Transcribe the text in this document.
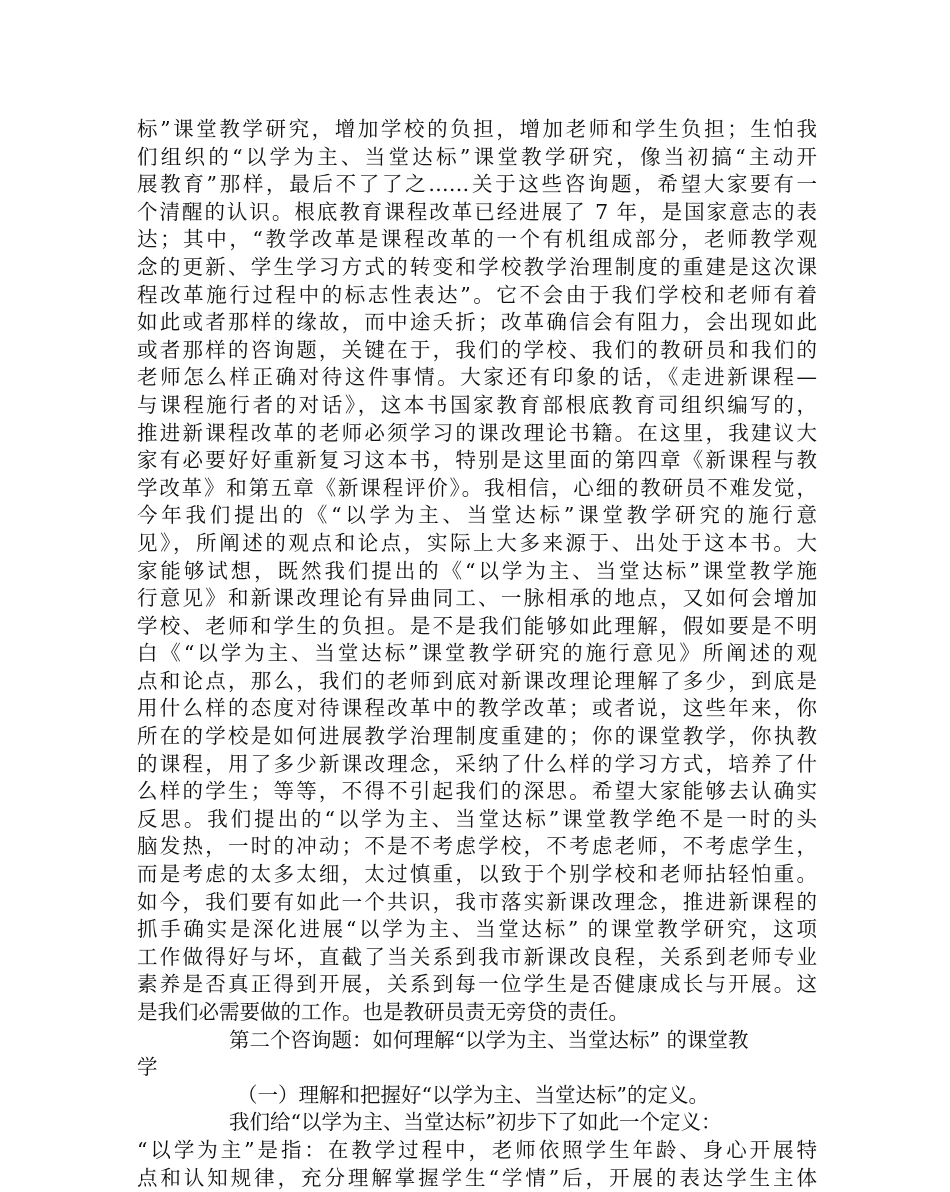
标”课堂教学研究，增加学校的负担，增加老师和学生负担；生怕我
们组织的“以学为主、当堂达标”课堂教学研究，像当初搞“主动开
展教育”那样，最后不了了之……关于这些咨询题，希望大家要有一
个清醒的认识。根底教育课程改革已经进展了 7 年，是国家意志的表
达；其中，“教学改革是课程改革的一个有机组成部分，老师教学观
念的更新、学生学习方式的转变和学校教学治理制度的重建是这次课
程改革施行过程中的标志性表达”。它不会由于我们学校和老师有着
如此或者那样的缘故，而中途夭折；改革确信会有阻力，会出现如此
或者那样的咨询题，关键在于，我们的学校、我们的教研员和我们的
老师怎么样正确对待这件事情。大家还有印象的话，《走进新课程—
与课程施行者的对话》，这本书国家教育部根底教育司组织编写的，
推进新课程改革的老师必须学习的课改理论书籍。在这里，我建议大
家有必要好好重新复习这本书，特别是这里面的第四章《新课程与教
学改革》和第五章《新课程评价》。我相信，心细的教研员不难发觉，
今年我们提出的《“以学为主、当堂达标”课堂教学研究的施行意
见》，所阐述的观点和论点，实际上大多来源于、出处于这本书。大
家能够试想，既然我们提出的《“以学为主、当堂达标”课堂教学施
行意见》和新课改理论有异曲同工、一脉相承的地点，又如何会增加
学校、老师和学生的负担。是不是我们能够如此理解，假如要是不明
白《“以学为主、当堂达标”课堂教学研究的施行意见》所阐述的观
点和论点，那么，我们的老师到底对新课改理论理解了多少，到底是
用什么样的态度对待课程改革中的教学改革；或者说，这些年来，你
所在的学校是如何进展教学治理制度重建的；你的课堂教学，你执教
的课程，用了多少新课改理念，采纳了什么样的学习方式，培养了什
么样的学生；等等，不得不引起我们的深思。希望大家能够去认确实
反思。我们提出的“以学为主、当堂达标”课堂教学绝不是一时的头
脑发热，一时的冲动；不是不考虑学校，不考虑老师，不考虑学生，
而是考虑的太多太细，太过慎重，以致于个别学校和老师拈轻怕重。
如今，我们要有如此一个共识，我市落实新课改理念，推进新课程的
抓手确实是深化进展“以学为主、当堂达标” 的课堂教学研究，这项
工作做得好与坏，直截了当关系到我市新课改良程，关系到老师专业
素养是否真正得到开展，关系到每一位学生是否健康成长与开展。这
是我们必需要做的工作。也是教研员责无旁贷的责任。
第二个咨询题：如何理解“以学为主、当堂达标” 的课堂教
学
（一）理解和把握好“以学为主、当堂达标”的定义。
我们给“以学为主、当堂达标”初步下了如此一个定义：
“以学为主”是指：在教学过程中，老师依照学生年龄、身心开展特
点和认知规律，充分理解掌握学生“学情”后，开展的表达学生主体
